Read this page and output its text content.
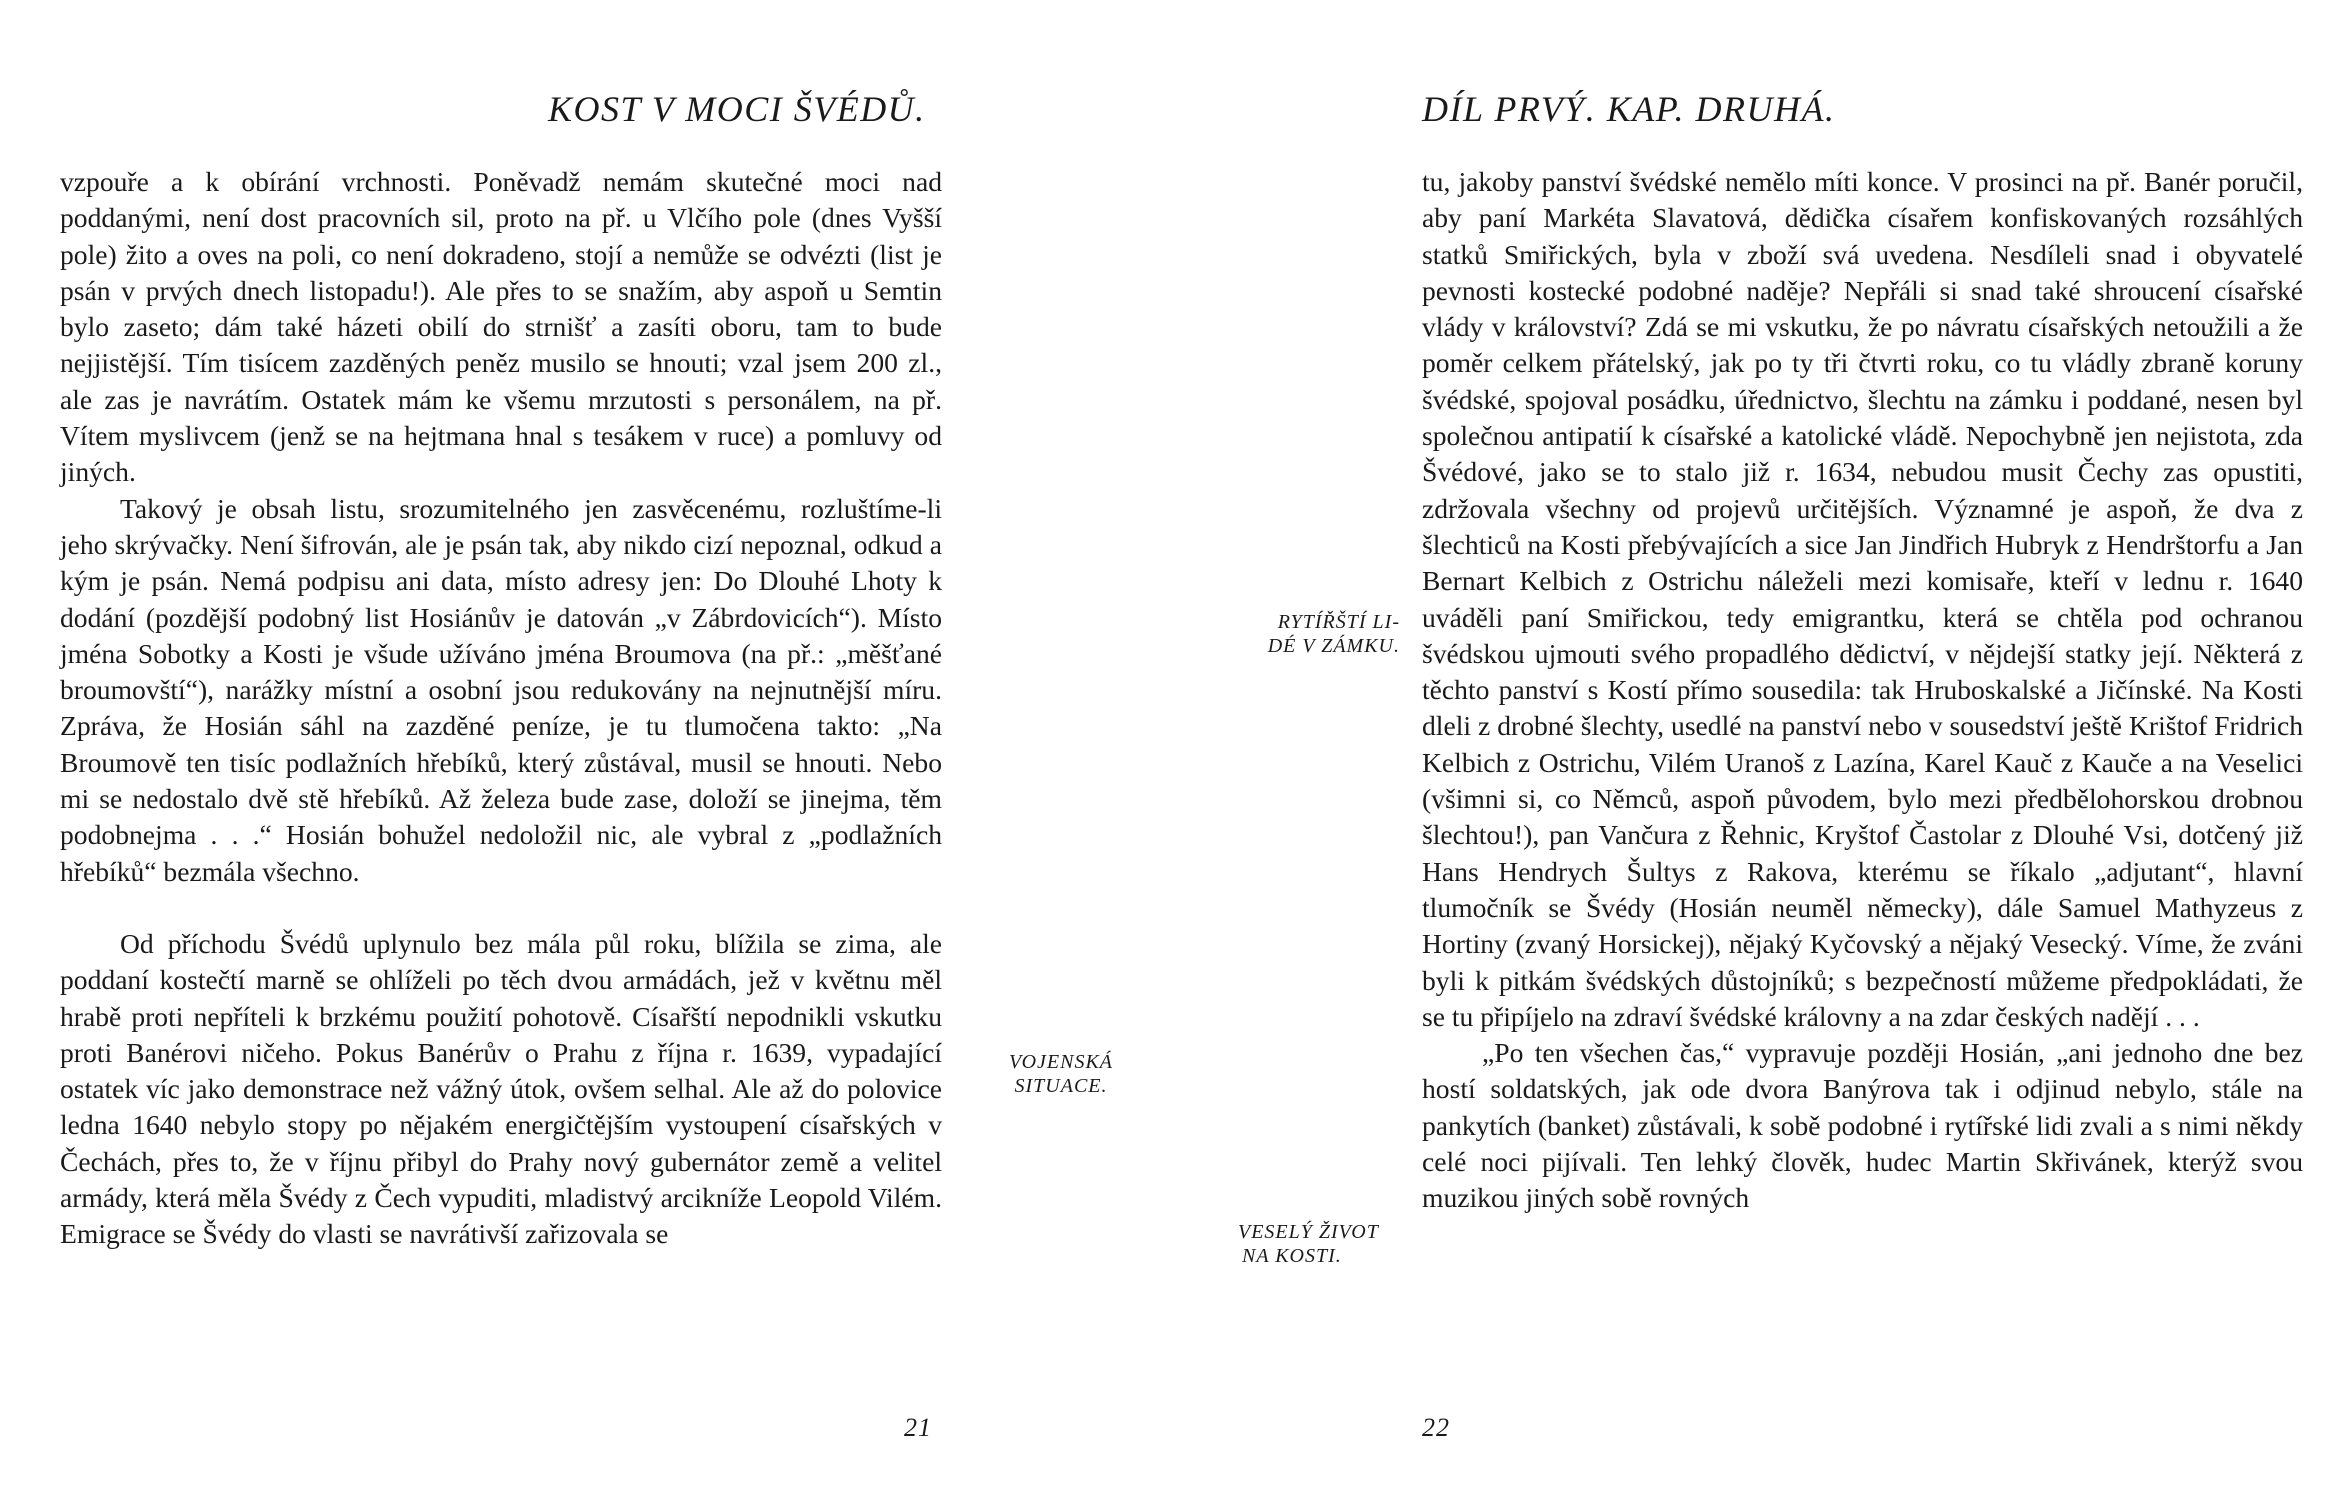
KOST V MOCI ŠVÉDŮ.

vzpouře a k obírání vrchnosti. Poněvadž nemám skutečné moci nad poddanými, není dost pracovních sil, proto na př. u Vlčího pole (dnes Vyšší pole) žito a oves na poli, co není dokradeno, stojí a nemůže se odvézti (list je psán v prvých dnech listopadu!). Ale přes to se snažím, aby aspoň u Semtin bylo zaseto; dám také házeti obilí do strnišť a zasíti oboru, tam to bude nejjistější. Tím tisícem zazděných peněz musilo se hnouti; vzal jsem 200 zl., ale zas je navrátím. Ostatek mám ke všemu mrzutosti s personálem, na př. Vítem myslivcem (jenž se na hejtmana hnal s tesákem v ruce) a pomluvy od jiných.

Takový je obsah listu, srozumitelného jen zasvěcenému, rozluštíme-li jeho skrývačky. Není šifrován, ale je psán tak, aby nikdo cizí nepoznal, odkud a kým je psán. Nemá podpisu ani data, místo adresy jen: Do Dlouhé Lhoty k dodání (pozdější podobný list Hosiánův je datován „v Zábrdovicích“). Místo jména Sobotky a Kosti je všude užíváno jména Broumova (na př.: „měšťané broumovští“), narážky místní a osobní jsou redukovány na nejnutnější míru. Zpráva, že Hosián sáhl na zazděné peníze, je tu tlumočena takto: „Na Broumově ten tisíc podlažních hřebíků, který zůstával, musil se hnouti. Nebo mi se nedostalo dvě stě hřebíků. Až železa bude zase, doloží se jinejma, těm podobnejma . . .“ Hosián bohužel nedoložil nic, ale vybral z „podlažních hřebíků“ bezmála všechno.

Od příchodu Švédů uplynulo bez mála půl roku, blížila se zima, ale poddaní kostečtí marně se ohlíželi po těch dvou armádách, jež v květnu měl hrabě proti nepříteli k brzkému použití pohotově. Císařští nepodnikli vskutku proti Banérovi ničeho. Pokus Banérův o Prahu z října r. 1639, vypadající ostatek víc jako demonstrace než vážný útok, ovšem selhal. Ale až do polovice ledna 1640 nebylo stopy po nějakém energičtějším vystoupení císařských v Čechách, přes to, že v říjnu přibyl do Prahy nový gubernátor země a velitel armády, která měla Švédy z Čech vypuditi, mladistvý arcikníže Leopold Vilém. Emigrace se Švédy do vlasti se navrátivší zařizovala se

21
VOJENSKÁ
SITUACE.
RYTÍŘŠTÍ LI-
DÉ V ZÁMKU.
VESELÝ ŽIVOT
NA KOSTI.
DÍL PRVÝ. KAP. DRUHÁ.

tu, jakoby panství švédské nemělo míti konce. V prosinci na př. Banér poručil, aby paní Markéta Slavatová, dědička císařem konfiskovaných rozsáhlých statků Smiřických, byla v zboží svá uvedena. Nesdíleli snad i obyvatelé pevnosti kostecké podobné naděje? Nepřáli si snad také shroucení císařské vlády v království? Zdá se mi vskutku, že po návratu císařských netoužili a že poměr celkem přátelský, jak po ty tři čtvrti roku, co tu vládly zbraně koruny švédské, spojoval posádku, úřednictvo, šlechtu na zámku i poddané, nesen byl společnou antipatií k císařské a katolické vládě. Nepochybně jen nejistota, zda Švédové, jako se to stalo již r. 1634, nebudou musit Čechy zas opustiti, zdržovala všechny od projevů určitějších. Významné je aspoň, že dva z šlechticů na Kosti přebývajících a sice Jan Jindřich Hubryk z Hendrštorfu a Jan Bernart Kelbich z Ostrichu náleželi mezi komisaře, kteří v lednu r. 1640 uváděli paní Smiřickou, tedy emigrantku, která se chtěla pod ochranou švédskou ujmouti svého propadlého dědictví, v nějdejší statky její. Některá z těchto panství s Kostí přímo sousedila: tak Hruboskalské a Jičínské. Na Kosti dleli z drobné šlechty, usedlé na panství nebo v sousedství ještě Krištof Fridrich Kelbich z Ostrichu, Vilém Uranoš z Lazína, Karel Kauč z Kauče a na Veselici (všimni si, co Němců, aspoň původem, bylo mezi předbělohorskou drobnou šlechtou!), pan Vančura z Řehnic, Kryštof Častolar z Dlouhé Vsi, dotčený již Hans Hendrych Šultys z Rakova, kterému se říkalo „adjutant“, hlavní tlumočník se Švédy (Hosián neuměl německy), dále Samuel Mathyzeus z Hortiny (zvaný Horsickej), nějaký Kyčovský a nějaký Vesecký. Víme, že zváni byli k pitkám švédských důstojníků; s bezpečností můžeme předpokládati, že se tu připíjelo na zdraví švédské královny a na zdar českých nadějí . . .

„Po ten všechen čas,“ vypravuje později Hosián, „ani jednoho dne bez hostí soldatských, jak ode dvora Banýrova tak i odjinud nebylo, stále na pankytích (banket) zůstávali, k sobě podobné i rytířské lidi zvali a s nimi někdy celé noci pijívali. Ten lehký člověk, hudec Martin Skřivánek, kterýž svou muzikou jiných sobě rovných

22
